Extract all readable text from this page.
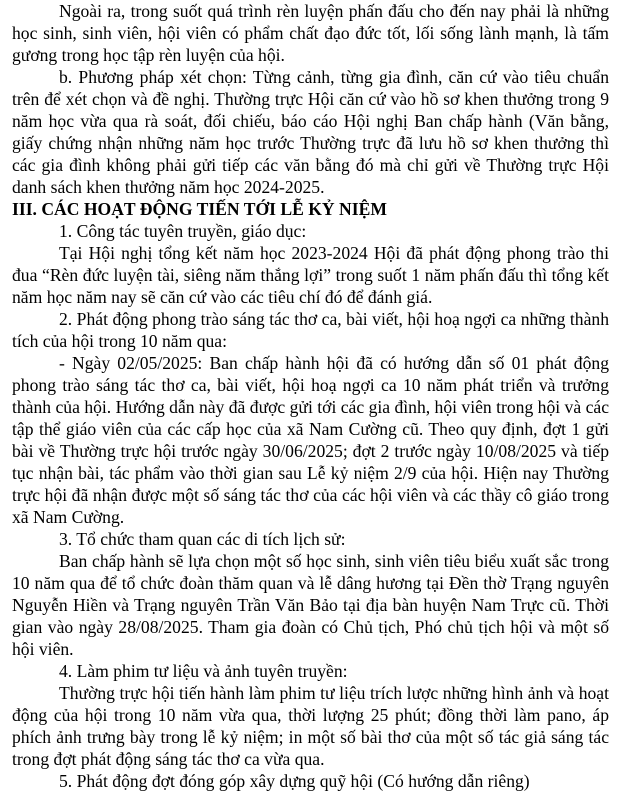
Ngoài ra, trong suốt quá trình rèn luyện phấn đấu cho đến nay phải là những học sinh, sinh viên, hội viên có phẩm chất đạo đức tốt, lối sống lành mạnh, là tấm gương trong học tập rèn luyện của hội.

b. Phương pháp xét chọn: Từng cảnh, từng gia đình, căn cứ vào tiêu chuẩn trên để xét chọn và đề nghị. Thường trực Hội căn cứ vào hồ sơ khen thưởng trong 9 năm học vừa qua rà soát, đối chiếu, báo cáo Hội nghị Ban chấp hành (Văn bằng, giấy chứng nhận những năm học trước Thường trực đã lưu hồ sơ khen thưởng thì các gia đình không phải gửi tiếp các văn bằng đó mà chỉ gửi về Thường trực Hội danh sách khen thưởng năm học 2024-2025.

III. CÁC HOẠT ĐỘNG TIẾN TỚI LỄ KỶ NIỆM

1. Công tác tuyên truyền, giáo dục:

Tại Hội nghị tổng kết năm học 2023-2024 Hội đã phát động phong trào thi đua “Rèn đức luyện tài, siêng năm thắng lợi” trong suốt 1 năm phấn đấu thì tổng kết năm học năm nay sẽ căn cứ vào các tiêu chí đó để đánh giá.

2. Phát động phong trào sáng tác thơ ca, bài viết, hội hoạ ngợi ca những thành tích của hội trong 10 năm qua:

- Ngày 02/05/2025: Ban chấp hành hội đã có hướng dẫn số 01 phát động phong trào sáng tác thơ ca, bài viết, hội hoạ ngợi ca 10 năm phát triển và trưởng thành của hội. Hướng dẫn này đã được gửi tới các gia đình, hội viên trong hội và các tập thể giáo viên của các cấp học của xã Nam Cường cũ. Theo quy định, đợt 1 gửi bài về Thường trực hội trước ngày 30/06/2025; đợt 2 trước ngày 10/08/2025 và tiếp tục nhận bài, tác phẩm vào thời gian sau Lễ kỷ niệm 2/9 của hội. Hiện nay Thường trực hội đã nhận được một số sáng tác thơ của các hội viên và các thầy cô giáo trong xã Nam Cường.

3. Tổ chức tham quan các di tích lịch sử:

Ban chấp hành sẽ lựa chọn một số học sinh, sinh viên tiêu biểu xuất sắc trong 10 năm qua để tổ chức đoàn thăm quan và lễ dâng hương tại Đền thờ Trạng nguyên Nguyễn Hiền và Trạng nguyên Trần Văn Bảo tại địa bàn huyện Nam Trực cũ. Thời gian vào ngày 28/08/2025. Tham gia đoàn có Chủ tịch, Phó chủ tịch hội và một số hội viên.

4. Làm phim tư liệu và ảnh tuyên truyền:

Thường trực hội tiến hành làm phim tư liệu trích lược những hình ảnh và hoạt động của hội trong 10 năm vừa qua, thời lượng 25 phút; đồng thời làm pano, áp phích ảnh trưng bày trong lễ kỷ niệm; in một số bài thơ của một số tác giả sáng tác trong đợt phát động sáng tác thơ ca vừa qua.

5. Phát động đợt đóng góp xây dựng quỹ hội (Có hướng dẫn riêng)
